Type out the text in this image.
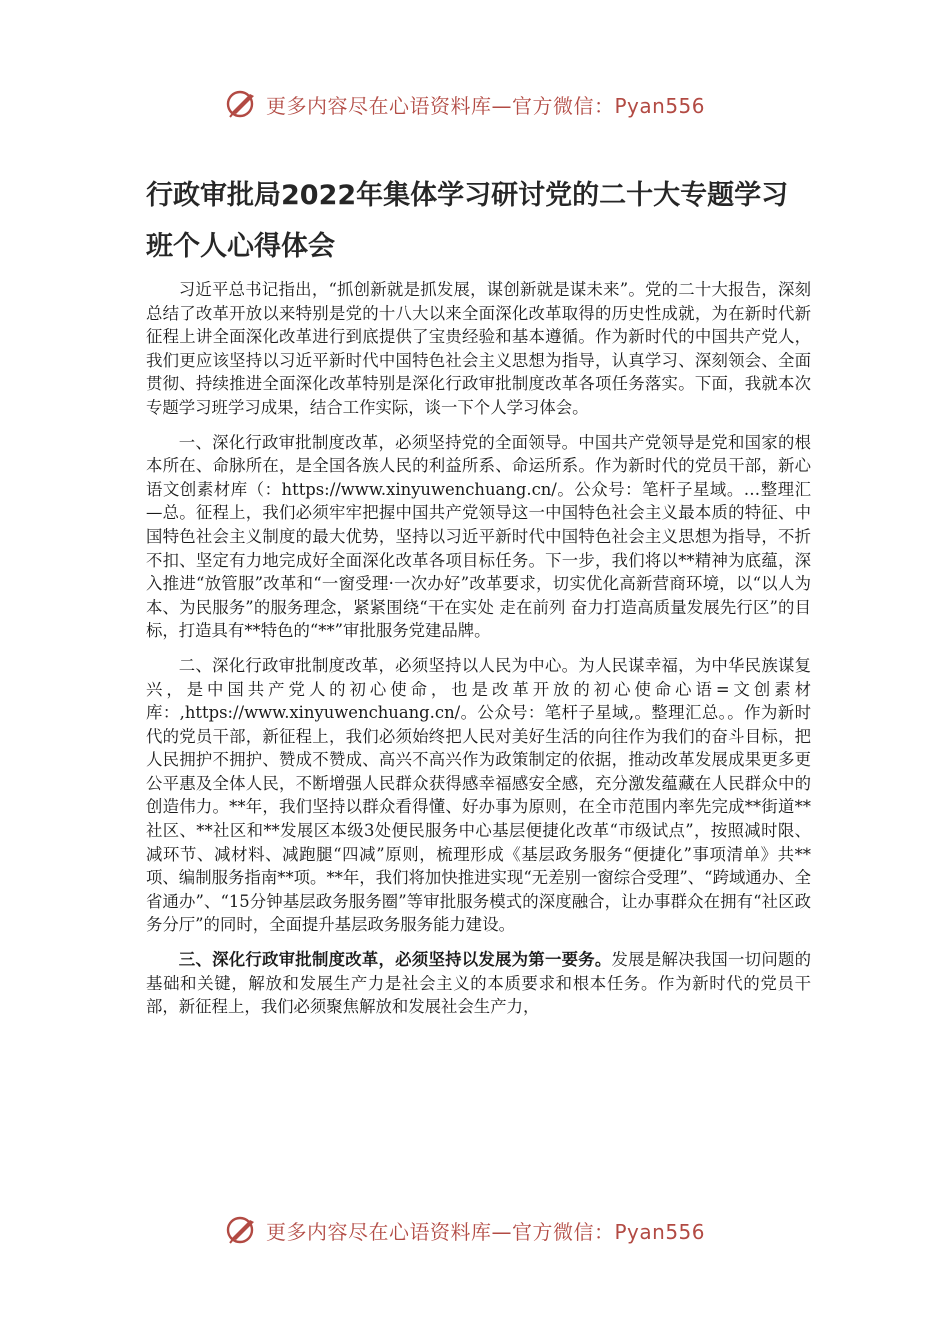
更多内容尽在心语资料库—官方微信：Pyan556
行政审批局2022年集体学习研讨党的二十大专题学习班个人心得体会

习近平总书记指出，“抓创新就是抓发展，谋创新就是谋未来”。党的二十大报告，深刻总结了改革开放以来特别是党的十八大以来全面深化改革取得的历史性成就，为在新时代新征程上讲全面深化改革进行到底提供了宝贵经验和基本遵循。作为新时代的中国共产党人，我们更应该坚持以习近平新时代中国特色社会主义思想为指导，认真学习、深刻领会、全面贯彻、持续推进全面深化改革特别是深化行政审批制度改革各项任务落实。下面，我就本次专题学习班学习成果，结合工作实际，谈一下个人学习体会。

一、深化行政审批制度改革，必须坚持党的全面领导。中国共产党领导是党和国家的根本所在、命脉所在，是全国各族人民的利益所系、命运所系。作为新时代的党员干部，新心语文创素材库（：https://www.xinyuwenchuang.cn/。公众号：笔杆子星域。…整理汇—总。征程上，我们必须牢牢把握中国共产党领导这一中国特色社会主义最本质的特征、中国特色社会主义制度的最大优势，坚持以习近平新时代中国特色社会主义思想为指导，不折不扣、坚定有力地完成好全面深化改革各项目标任务。下一步，我们将以**精神为底蕴，深入推进“放管服”改革和“一窗受理·一次办好”改革要求，切实优化高新营商环境，以“以人为本、为民服务”的服务理念，紧紧围绕“干在实处 走在前列 奋力打造高质量发展先行区”的目标，打造具有**特色的“**”审批服务党建品牌。

二、深化行政审批制度改革，必须坚持以人民为中心。为人民谋幸福，为中华民族谋复兴，是中国共产党人的初心使命，也是改革开放的初心使命心语=文创素材库：,https://www.xinyuwenchuang.cn/。公众号：笔杆子星域,。整理汇总。。作为新时代的党员干部，新征程上，我们必须始终把人民对美好生活的向往作为我们的奋斗目标，把人民拥护不拥护、赞成不赞成、高兴不高兴作为政策制定的依据，推动改革发展成果更多更公平惠及全体人民，不断增强人民群众获得感幸福感安全感，充分激发蕴藏在人民群众中的创造伟力。**年，我们坚持以群众看得懂、好办事为原则，在全市范围内率先完成**街道**社区、**社区和**发展区本级3处便民服务中心基层便捷化改革“市级试点”，按照减时限、减环节、减材料、减跑腿“四减”原则，梳理形成《基层政务服务“便捷化”事项清单》共**项、编制服务指南**项。**年，我们将加快推进实现“无差别一窗综合受理”、“跨域通办、全省通办”、“15分钟基层政务服务圈”等审批服务模式的深度融合，让办事群众在拥有“社区政务分厅”的同时，全面提升基层政务服务能力建设。

三、深化行政审批制度改革，必须坚持以发展为第一要务。发展是解决我国一切问题的基础和关键，解放和发展生产力是社会主义的本质要求和根本任务。作为新时代的党员干部，新征程上，我们必须聚焦解放和发展社会生产力，

更多内容尽在心语资料库—官方微信：Pyan556
